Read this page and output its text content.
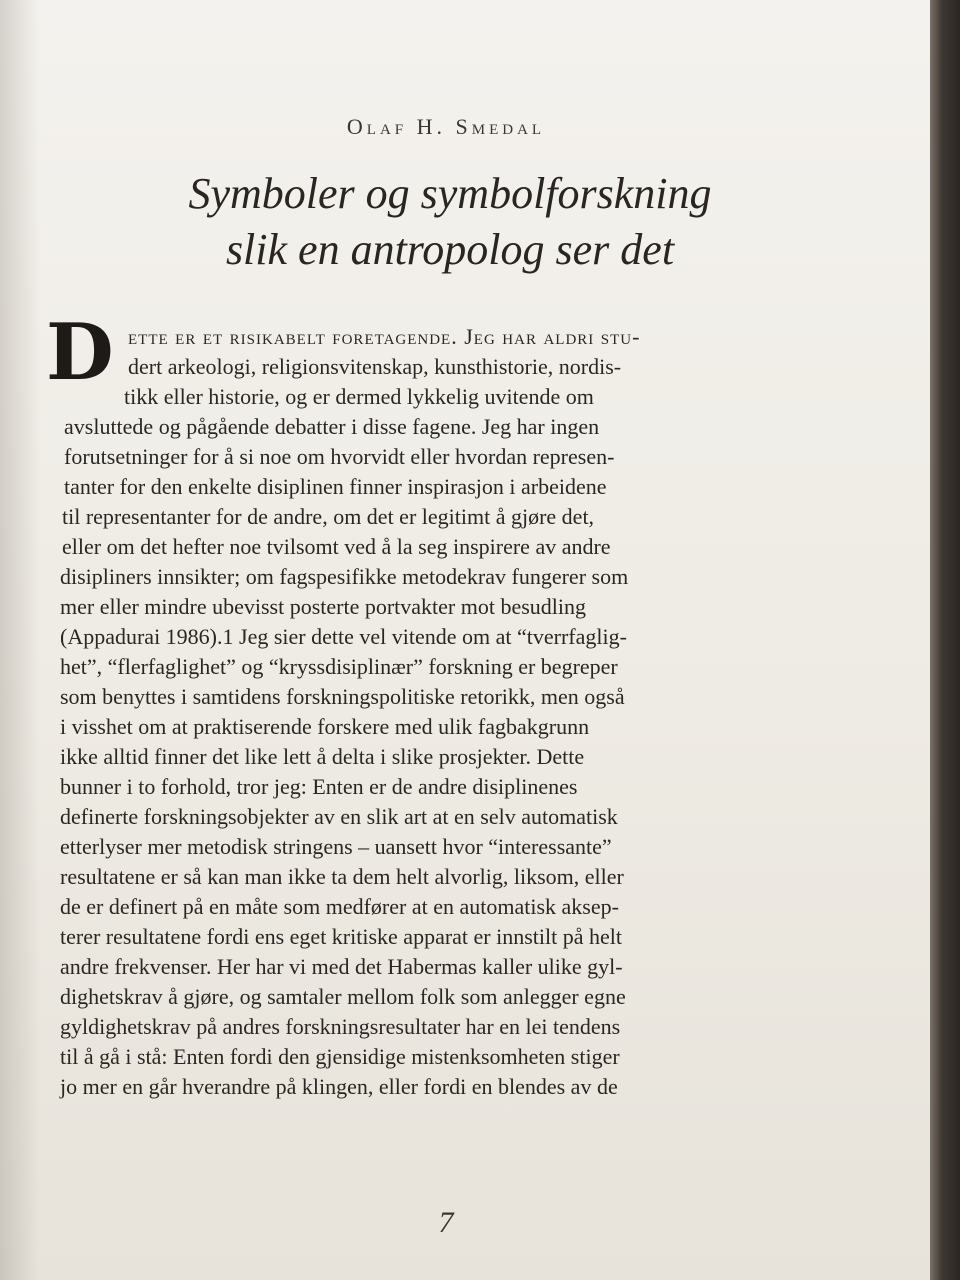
Olaf H. Smedal
Symboler og symbolforskning
slik en antropolog ser det
D ette er et risikabelt foretagende. Jeg har aldri stu-
dert arkeologi, religionsvitenskap, kunsthistorie, nordis-
tikk eller historie, og er dermed lykkelig uvitende om
avsluttede og pågående debatter i disse fagene. Jeg har ingen
forutsetninger for å si noe om hvorvidt eller hvordan represen-
tanter for den enkelte disiplinen finner inspirasjon i arbeidene
til representanter for de andre, om det er legitimt å gjøre det,
eller om det hefter noe tvilsomt ved å la seg inspirere av andre
disipliners innsikter; om fagspesifikke metodekrav fungerer som
mer eller mindre ubevisst posterte portvakter mot besudling
(Appadurai 1986).1 Jeg sier dette vel vitende om at “tverrfaglig-
het”, “flerfaglighet” og “kryssdisiplinær” forskning er begreper
som benyttes i samtidens forskningspolitiske retorikk, men også
i visshet om at praktiserende forskere med ulik fagbakgrunn
ikke alltid finner det like lett å delta i slike prosjekter. Dette
bunner i to forhold, tror jeg: Enten er de andre disiplinenes
definerte forskningsobjekter av en slik art at en selv automatisk
etterlyser mer metodisk stringens – uansett hvor “interessante”
resultatene er så kan man ikke ta dem helt alvorlig, liksom, eller
de er definert på en måte som medfører at en automatisk aksep-
terer resultatene fordi ens eget kritiske apparat er innstilt på helt
andre frekvenser. Her har vi med det Habermas kaller ulike gyl-
dighetskrav å gjøre, og samtaler mellom folk som anlegger egne
gyldighetskrav på andres forskningsresultater har en lei tendens
til å gå i stå: Enten fordi den gjensidige mistenksomheten stiger
jo mer en går hverandre på klingen, eller fordi en blendes av de
7
